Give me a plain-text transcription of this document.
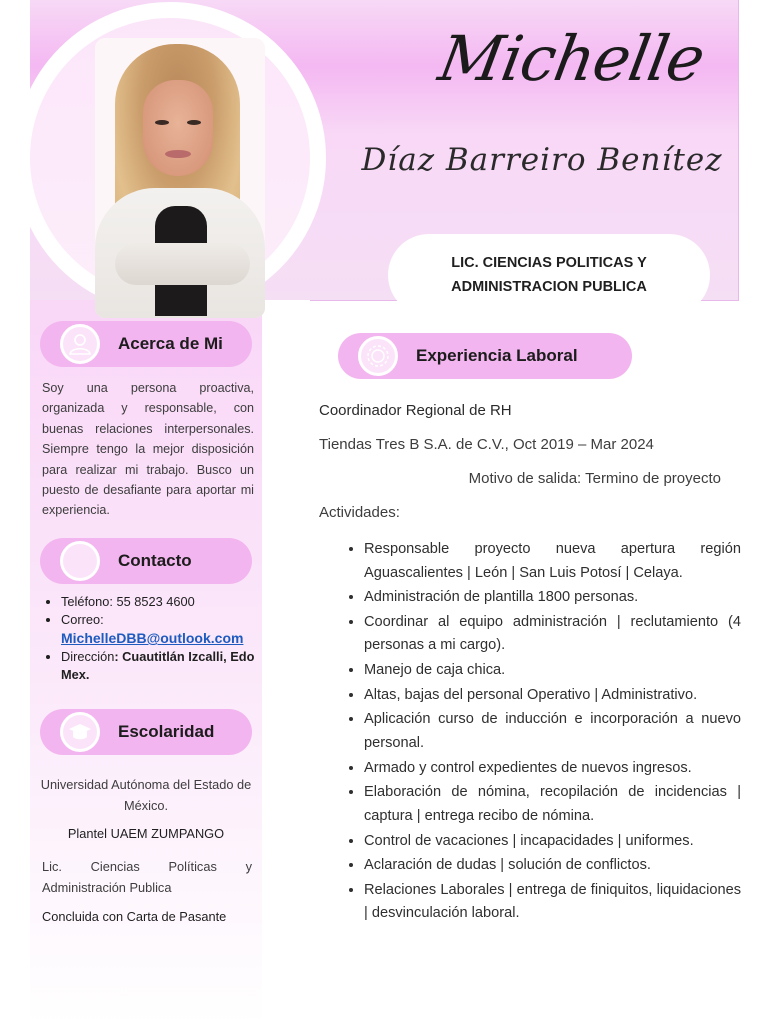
Michelle
Díaz Barreiro Benítez
LIC. CIENCIAS POLITICAS Y
ADMINISTRACION PUBLICA
Acerca de Mi
Soy una persona proactiva, organizada y responsable, con buenas relaciones interpersonales. Siempre tengo la mejor disposición para realizar mi trabajo. Busco un puesto de desafiante para aportar mi experiencia.
Contacto
• Teléfono: 55 8523 4600
• Correo:
MichelleDBB@outlook.com
• Dirección: Cuautitlán Izcalli, Edo Mex.
Escolaridad
Universidad Autónoma del Estado de México.
Plantel UAEM ZUMPANGO
Lic. Ciencias Políticas y Administración Publica
Concluida con Carta de Pasante
Experiencia Laboral
Coordinador Regional de RH
Tiendas Tres B S.A. de C.V., Oct 2019 – Mar 2024
Motivo de salida: Termino de proyecto
Actividades:
• Responsable proyecto nueva apertura región Aguascalientes | León | San Luis Potosí | Celaya.
• Administración de plantilla 1800 personas.
• Coordinar al equipo administración | reclutamiento (4 personas a mi cargo).
• Manejo de caja chica.
• Altas, bajas del personal Operativo | Administrativo.
• Aplicación curso de inducción e incorporación a nuevo personal.
• Armado y control expedientes de nuevos ingresos.
• Elaboración de nómina, recopilación de incidencias | captura | entrega recibo de nómina.
• Control de vacaciones | incapacidades | uniformes.
• Aclaración de dudas | solución de conflictos.
• Relaciones Laborales | entrega de finiquitos, liquidaciones | desvinculación laboral.
